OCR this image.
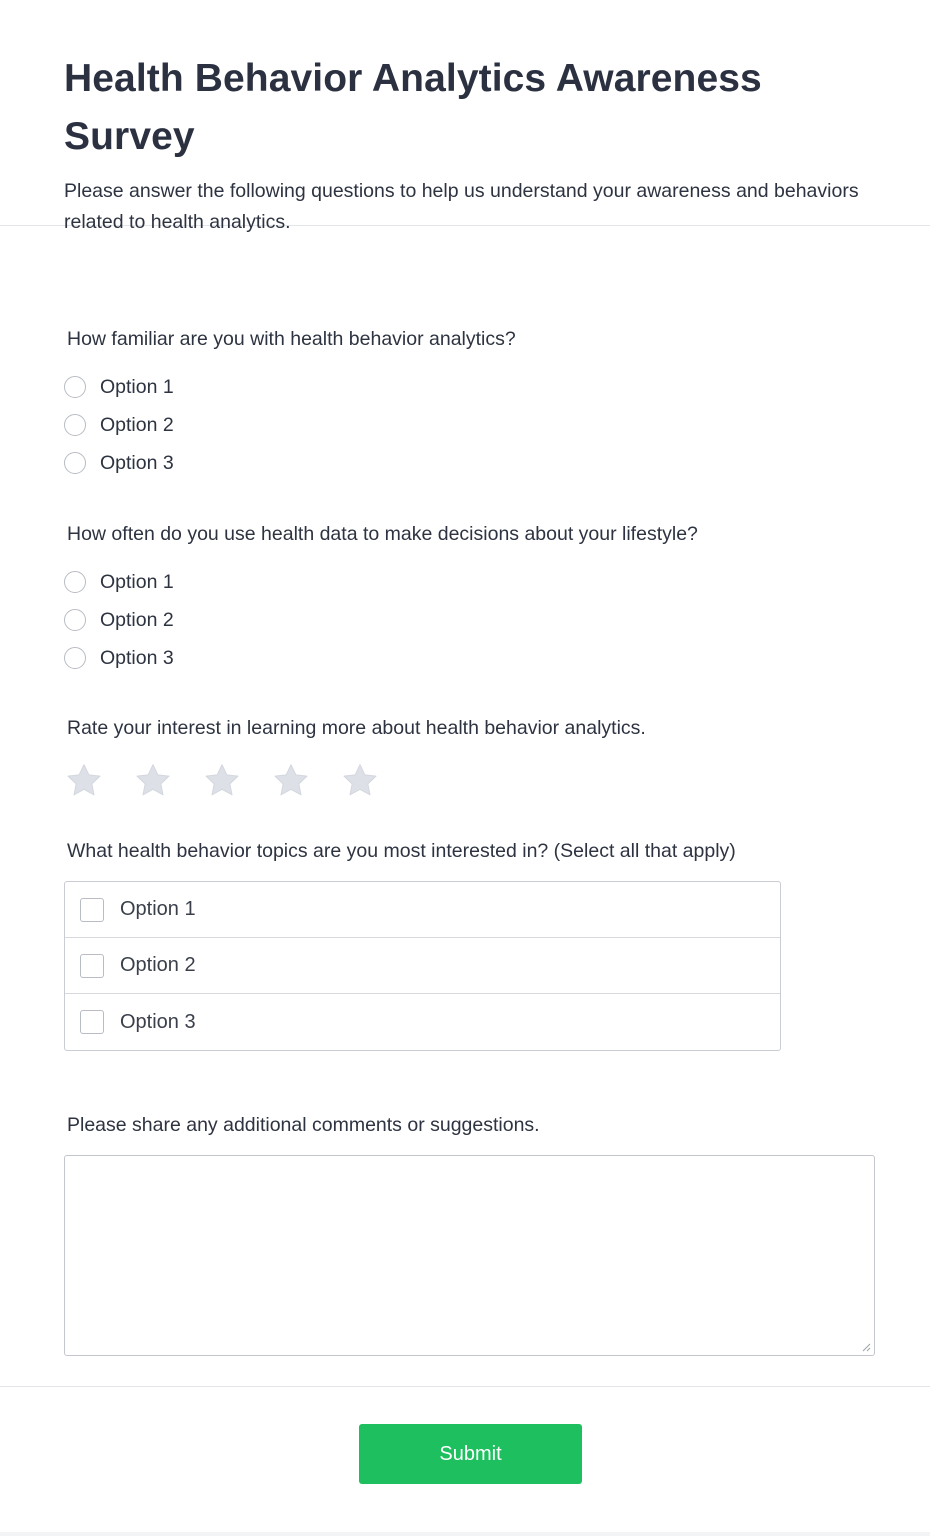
Health Behavior Analytics Awareness Survey

Please answer the following questions to help us understand your awareness and behaviors related to health analytics.

How familiar are you with health behavior analytics?

Option 1
Option 2
Option 3

How often do you use health data to make decisions about your lifestyle?

Option 1
Option 2
Option 3

Rate your interest in learning more about health behavior analytics.

What health behavior topics are you most interested in? (Select all that apply)

Option 1
Option 2
Option 3

Please share any additional comments or suggestions.

Submit
